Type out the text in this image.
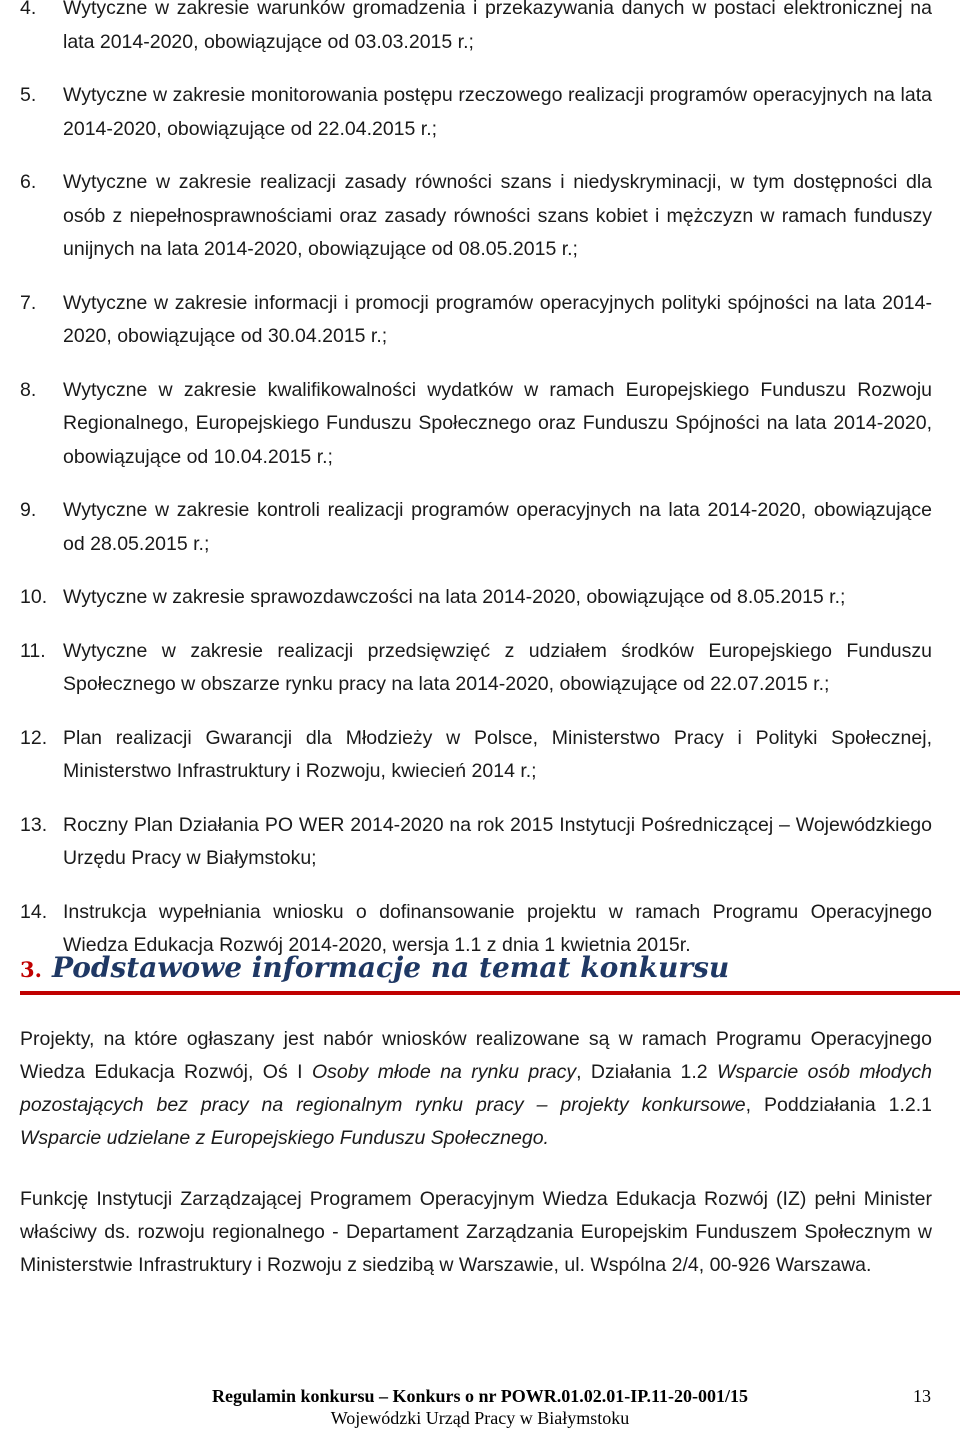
4. Wytyczne w zakresie warunków gromadzenia i przekazywania danych w postaci elektronicznej na lata 2014-2020, obowiązujące od 03.03.2015 r.;
5. Wytyczne w zakresie monitorowania postępu rzeczowego realizacji programów operacyjnych na lata 2014-2020, obowiązujące od 22.04.2015 r.;
6. Wytyczne w zakresie realizacji zasady równości szans i niedyskryminacji, w tym dostępności dla osób z niepełnosprawnościami oraz zasady równości szans kobiet i mężczyzn w ramach funduszy unijnych na lata 2014-2020, obowiązujące od 08.05.2015 r.;
7. Wytyczne w zakresie informacji i promocji programów operacyjnych polityki spójności na lata 2014-2020, obowiązujące od 30.04.2015 r.;
8. Wytyczne w zakresie kwalifikowalności wydatków w ramach Europejskiego Funduszu Rozwoju Regionalnego, Europejskiego Funduszu Społecznego oraz Funduszu Spójności na lata 2014-2020, obowiązujące od 10.04.2015 r.;
9. Wytyczne w zakresie kontroli realizacji programów operacyjnych na lata 2014-2020, obowiązujące od 28.05.2015 r.;
10. Wytyczne w zakresie sprawozdawczości na lata 2014-2020, obowiązujące od 8.05.2015 r.;
11. Wytyczne w zakresie realizacji przedsięwzięć z udziałem środków Europejskiego Funduszu Społecznego w obszarze rynku pracy na lata 2014-2020, obowiązujące od 22.07.2015 r.;
12. Plan realizacji Gwarancji dla Młodzieży w Polsce, Ministerstwo Pracy i Polityki Społecznej, Ministerstwo Infrastruktury i Rozwoju, kwiecień 2014 r.;
13. Roczny Plan Działania PO WER 2014-2020 na rok 2015 Instytucji Pośredniczącej – Wojewódzkiego Urzędu Pracy w Białymstoku;
14. Instrukcja wypełniania wniosku o dofinansowanie projektu w ramach Programu Operacyjnego Wiedza Edukacja Rozwój 2014-2020, wersja 1.1 z dnia 1 kwietnia 2015r.
3. Podstawowe informacje na temat konkursu

Projekty, na które ogłaszany jest nabór wniosków realizowane są w ramach Programu Operacyjnego Wiedza Edukacja Rozwój, Oś I Osoby młode na rynku pracy, Działania 1.2 Wsparcie osób młodych pozostających bez pracy na regionalnym rynku pracy – projekty konkursowe, Poddziałania 1.2.1 Wsparcie udzielane z Europejskiego Funduszu Społecznego.

Funkcję Instytucji Zarządzającej Programem Operacyjnym Wiedza Edukacja Rozwój (IZ) pełni Minister właściwy ds. rozwoju regionalnego - Departament Zarządzania Europejskim Funduszem Społecznym w Ministerstwie Infrastruktury i Rozwoju z siedzibą w Warszawie, ul. Wspólna 2/4, 00-926 Warszawa.

Regulamin konkursu – Konkurs o nr POWR.01.02.01-IP.11-20-001/15
Wojewódzki Urząd Pracy w Białymstoku
13
